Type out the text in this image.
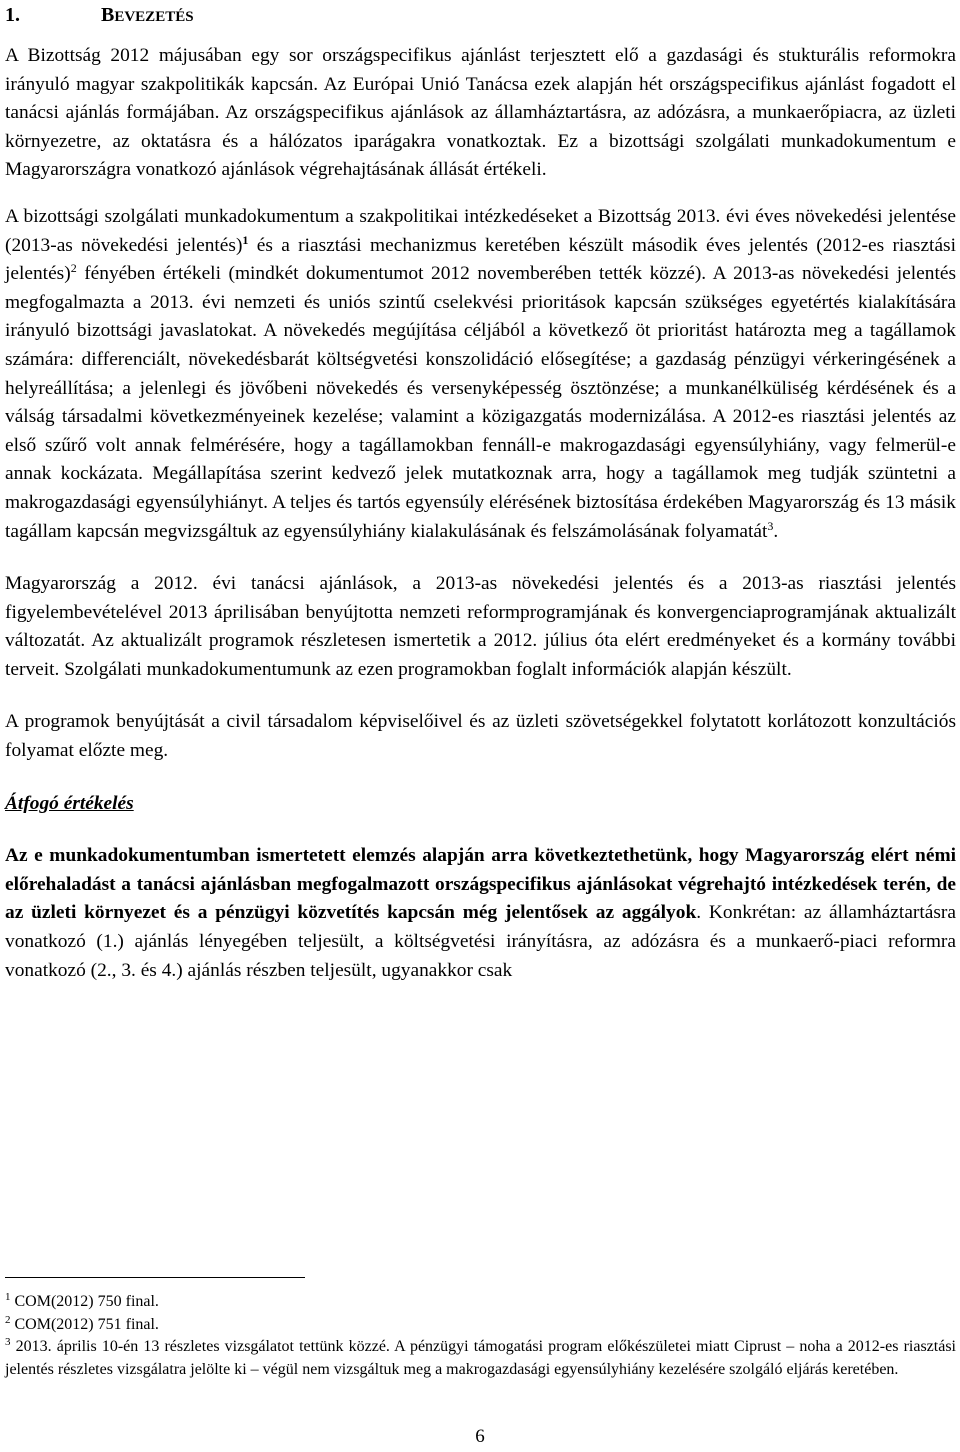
1.	BEVEZETÉS

A Bizottság 2012 májusában egy sor országspecifikus ajánlást terjesztett elő a gazdasági és stukturális reformokra irányuló magyar szakpolitikák kapcsán. Az Európai Unió Tanácsa ezek alapján hét országspecifikus ajánlást fogadott el tanácsi ajánlás formájában. Az országspecifikus ajánlások az államháztartásra, az adózásra, a munkaerőpiacra, az üzleti környezetre, az oktatásra és a hálózatos iparágakra vonatkoztak. Ez a bizottsági szolgálati munkadokumentum e Magyarországra vonatkozó ajánlások végrehajtásának állását értékeli.

A bizottsági szolgálati munkadokumentum a szakpolitikai intézkedéseket a Bizottság 2013. évi éves növekedési jelentése (2013-as növekedési jelentés)$^1$ és a riasztási mechanizmus keretében készült második éves jelentés (2012-es riasztási jelentés)$^2$ fényében értékeli (mindkét dokumentumot 2012 novemberében tették közzé). A 2013-as növekedési jelentés megfogalmazta a 2013. évi nemzeti és uniós szintű cselekvési prioritások kapcsán szükséges egyetértés kialakítására irányuló bizottsági javaslatokat. A növekedés megújítása céljából a következő öt prioritást határozta meg a tagállamok számára: differenciált, növekedésbarát költségvetési konszolidáció elősegítése; a gazdaság pénzügyi vérkeringésének a helyreállítása; a jelenlegi és jövőbeni növekedés és versenyképesség ösztönzése; a munkanélküliség kérdésének és a válság társadalmi következményeinek kezelése; valamint a közigazgatás modernizálása. A 2012-es riasztási jelentés az első szűrő volt annak felmérésére, hogy a tagállamokban fennáll-e makrogazdasági egyensúlyhiány, vagy felmerül-e annak kockázata. Megállapítása szerint kedvező jelek mutatkoznak arra, hogy a tagállamok meg tudják szüntetni a makrogazdasági egyensúlyhiányt. A teljes és tartós egyensúly elérésének biztosítása érdekében Magyarország és 13 másik tagállam kapcsán megvizsgáltuk az egyensúlyhiány kialakulásának és felszámolásának folyamatát$^3$.

Magyarország a 2012. évi tanácsi ajánlások, a 2013-as növekedési jelentés és a 2013-as riasztási jelentés figyelembevételével 2013 áprilisában benyújtotta nemzeti reformprogramjának és konvergenciaprogramjának aktualizált változatát. Az aktualizált programok részletesen ismertetik a 2012. július óta elért eredményeket és a kormány további terveit. Szolgálati munkadokumentumunk az ezen programokban foglalt információk alapján készült.

A programok benyújtását a civil társadalom képviselőivel és az üzleti szövetségekkel folytatott korlátozott konzultációs folyamat előzte meg.

Átfogó értékelés

Az e munkadokumentumban ismertetett elemzés alapján arra következtethetünk, hogy Magyarország elért némi előrehaladást a tanácsi ajánlásban megfogalmazott országspecifikus ajánlásokat végrehajtó intézkedések terén, de az üzleti környezet és a pénzügyi közvetítés kapcsán még jelentősek az aggályok. Konkrétan: az államháztartásra vonatkozó (1.) ajánlás lényegében teljesült, a költségvetési irányításra, az adózásra és a munkaerő-piaci reformra vonatkozó (2., 3. és 4.) ajánlás részben teljesült, ugyanakkor csak

$^1$ COM(2012) 750 final.
$^2$ COM(2012) 751 final.
$^3$ 2013. április 10-én 13 részletes vizsgálatot tettünk közzé. A pénzügyi támogatási program előkészületei miatt Ciprust – noha a 2012-es riasztási jelentés részletes vizsgálatra jelölte ki – végül nem vizsgáltuk meg a makrogazdasági egyensúlyhiány kezelésére szolgáló eljárás keretében.
6
